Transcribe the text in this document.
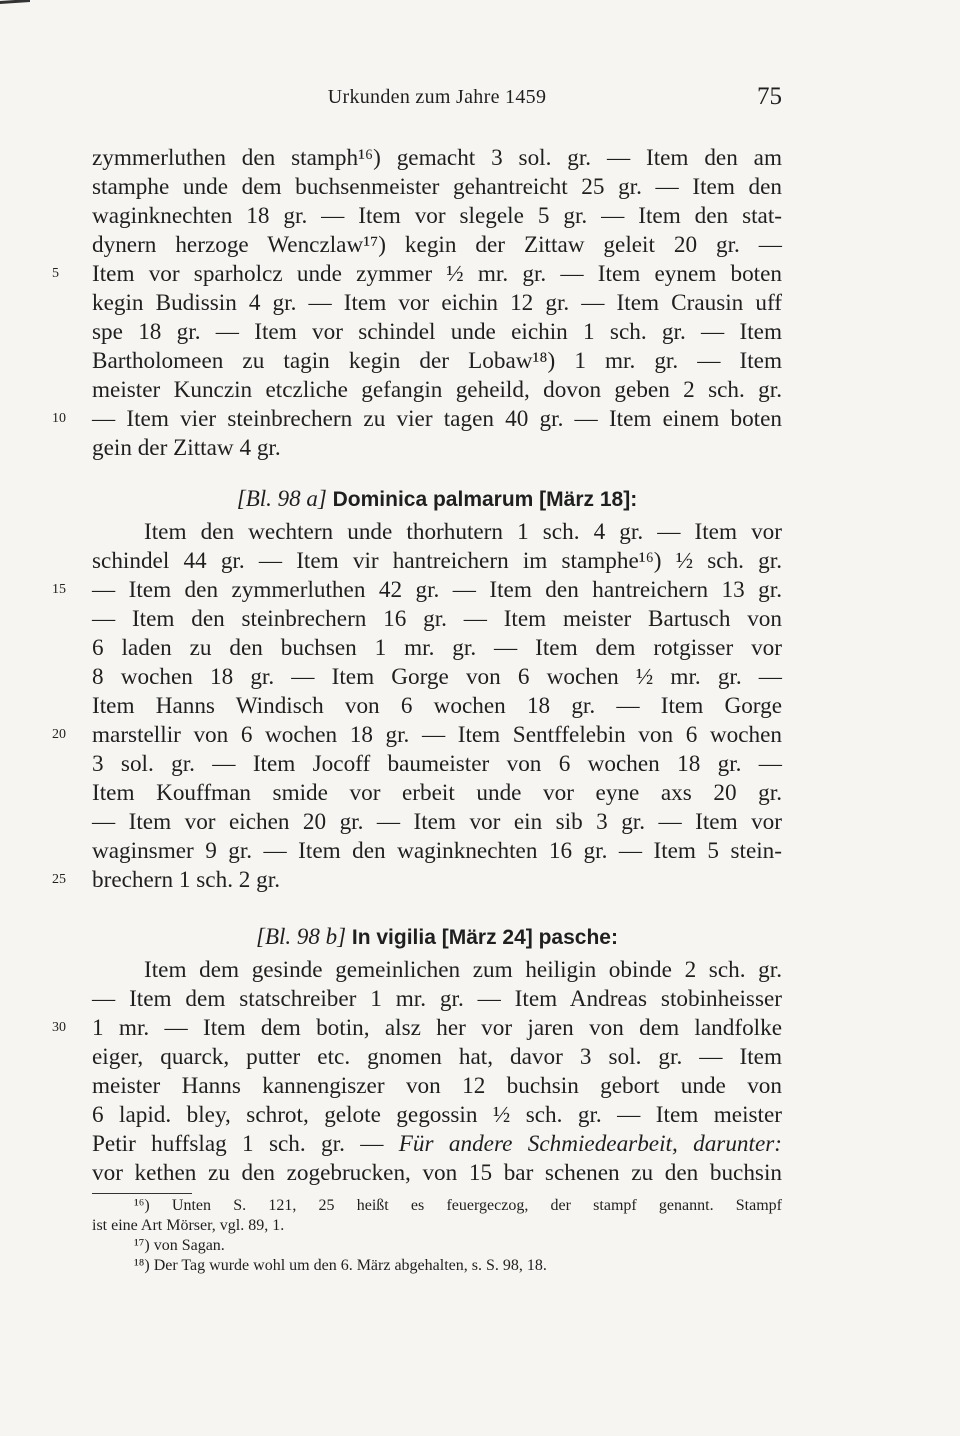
Urkunden zum Jahre 1459	75
zymmerluthen den stamph¹⁶) gemacht 3 sol. gr. — Item den am
stamphe unde dem buchsenmeister gehantreicht 25 gr. — Item den
waginknechten 18 gr. — Item vor slegele 5 gr. — Item den stat-
dynern herzoge Wenczlaw¹⁷) kegin der Zittaw geleit 20 gr. —
5	Item vor sparholcz unde zymmer ½ mr. gr. — Item eynem boten
kegin Budissin 4 gr. — Item vor eichin 12 gr. — Item Crausin uff
spe 18 gr. — Item vor schindel unde eichin 1 sch. gr. — Item
Bartholomeen zu tagin kegin der Lobaw¹⁸) 1 mr. gr. — Item
meister Kunczin etczliche gefangin geheild, dovon geben 2 sch. gr.
10	— Item vier steinbrechern zu vier tagen 40 gr. — Item einem boten
gein der Zittaw 4 gr.
[Bl. 98 a] Dominica palmarum [März 18]:
Item den wechtern unde thorhutern 1 sch. 4 gr. — Item vor
schindel 44 gr. — Item vir hantreichern im stamphe¹⁶) ½ sch. gr.
15	— Item den zymmerluthen 42 gr. — Item den hantreichern 13 gr.
— Item den steinbrechern 16 gr. — Item meister Bartusch von
6 laden zu den buchsen 1 mr. gr. — Item dem rotgisser vor
8 wochen 18 gr. — Item Gorge von 6 wochen ½ mr. gr. —
Item Hanns Windisch von 6 wochen 18 gr. — Item Gorge
20	marstellir von 6 wochen 18 gr. — Item Sentffelebin von 6 wochen
3 sol. gr. — Item Jocoff baumeister von 6 wochen 18 gr. —
Item Kouffman smide vor erbeit unde vor eyne axs 20 gr.
— Item vor eichen 20 gr. — Item vor ein sib 3 gr. — Item vor
waginsmer 9 gr. — Item den waginknechten 16 gr. — Item 5 stein-
25	brechern 1 sch. 2 gr.
[Bl. 98 b] In vigilia [März 24] pasche:
Item dem gesinde gemeinlichen zum heiligin obinde 2 sch. gr.
— Item dem statschreiber 1 mr. gr. — Item Andreas stobinheisser
30	1 mr. — Item dem botin, alsz her vor jaren von dem landfolke
eiger, quarck, putter etc. gnomen hat, davor 3 sol. gr. — Item
meister Hanns kannengiszer von 12 buchsin gebort unde von
6 lapid. bley, schrot, gelote gegossin ½ sch. gr. — Item meister
Petir huffslag 1 sch. gr. — Für andere Schmiedearbeit, darunter:
vor kethen zu den zogebrucken, von 15 bar schenen zu den buchsin
¹⁶) Unten S. 121, 25 heißt es feuergeczog, der stampf genannt. Stampf
ist eine Art Mörser, vgl. 89, 1.
¹⁷) von Sagan.
¹⁸) Der Tag wurde wohl um den 6. März abgehalten, s. S. 98, 18.
